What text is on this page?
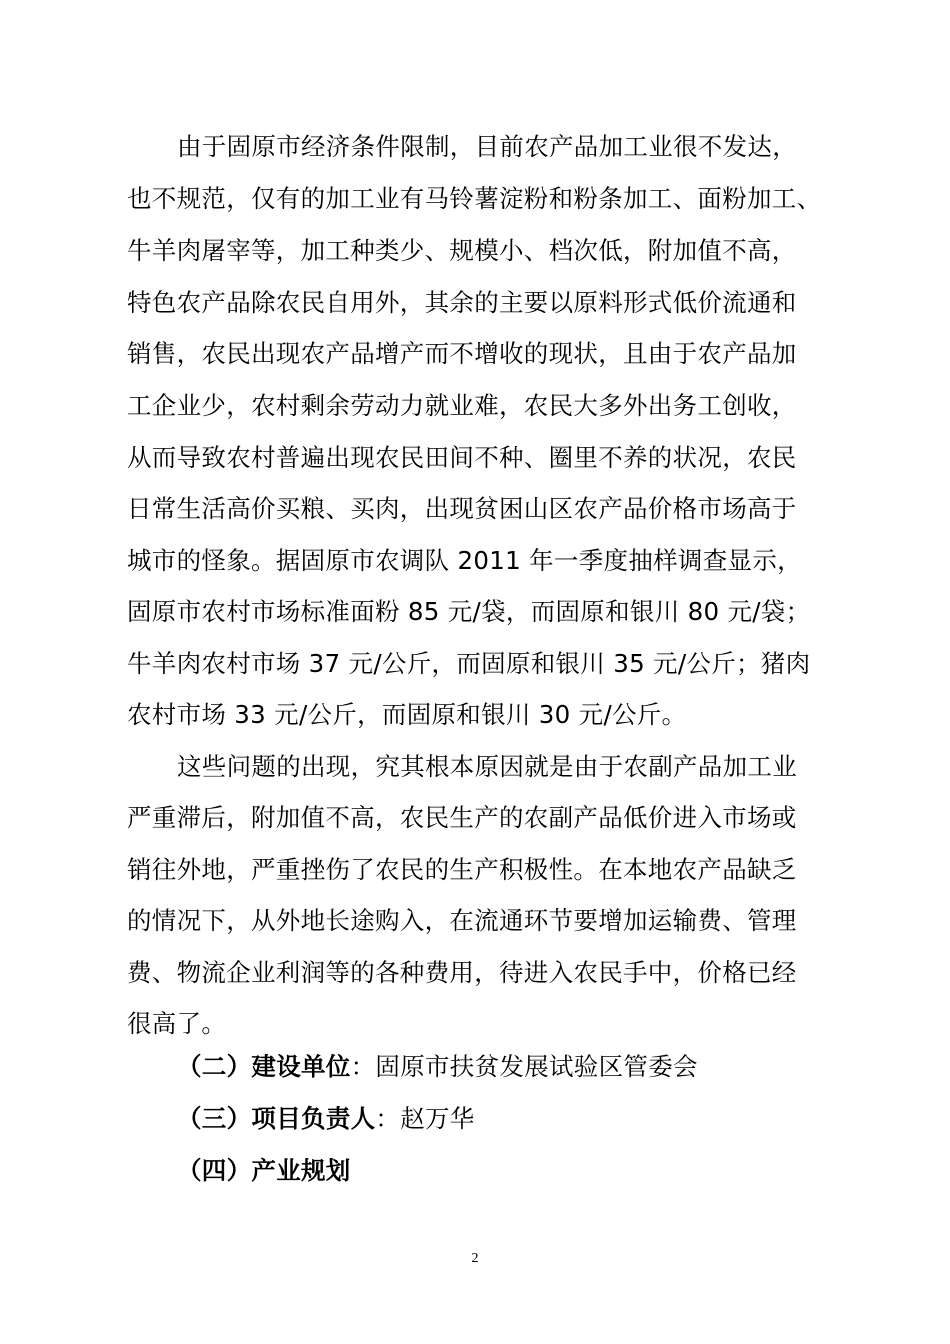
由于固原市经济条件限制，目前农产品加工业很不发达，
也不规范，仅有的加工业有马铃薯淀粉和粉条加工、面粉加工、
牛羊肉屠宰等，加工种类少、规模小、档次低，附加值不高，
特色农产品除农民自用外，其余的主要以原料形式低价流通和
销售，农民出现农产品增产而不增收的现状，且由于农产品加
工企业少，农村剩余劳动力就业难，农民大多外出务工创收，
从而导致农村普遍出现农民田间不种、圈里不养的状况，农民
日常生活高价买粮、买肉，出现贫困山区农产品价格市场高于
城市的怪象。据固原市农调队 2011 年一季度抽样调查显示，
固原市农村市场标准面粉 85 元/袋，而固原和银川 80 元/袋；
牛羊肉农村市场 37 元/公斤，而固原和银川 35 元/公斤；猪肉
农村市场 33 元/公斤，而固原和银川 30 元/公斤。
这些问题的出现，究其根本原因就是由于农副产品加工业
严重滞后，附加值不高，农民生产的农副产品低价进入市场或
销往外地，严重挫伤了农民的生产积极性。在本地农产品缺乏
的情况下，从外地长途购入，在流通环节要增加运输费、管理
费、物流企业利润等的各种费用，待进入农民手中，价格已经
很高了。
（二）建设单位：固原市扶贫发展试验区管委会
（三）项目负责人：赵万华
（四）产业规划
2
